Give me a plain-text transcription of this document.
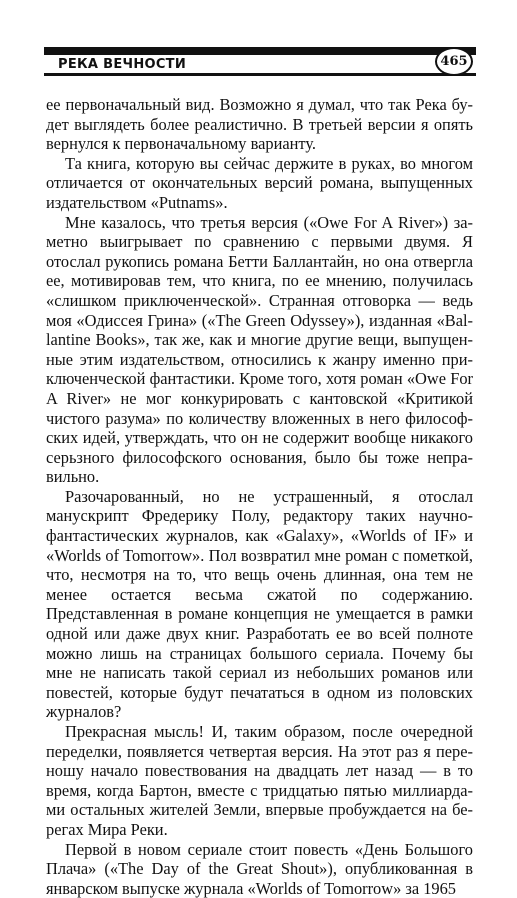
РЕКА ВЕЧНОСТИ	465

ее первоначальный вид. Возможно я думал, что так Река будет выглядеть более реалистично. В третьей версии я опять вернулся к первоначальному варианту.

Та книга, которую вы сейчас держите в руках, во многом отличается от окончательных версий романа, выпущенных издательством «Putnams».

Мне казалось, что третья версия («Owe For A River») заметно выигрывает по сравнению с первыми двумя. Я отослал рукопись романа Бетти Баллантайн, но она отвергла ее, мотивировав тем, что книга, по ее мнению, получилась «слишком приключенческой». Странная отговорка — ведь моя «Одиссея Грина» («The Green Odyssey»), изданная «Ballantine Books», так же, как и многие другие вещи, выпущенные этим издательством, относились к жанру именно приключенческой фантастики. Кроме того, хотя роман «Owe For A River» не мог конкурировать с кантовской «Критикой чистого разума» по количеству вложенных в него философских идей, утверждать, что он не содержит вообще никакого серьзного философского основания, было бы тоже неправильно.

Разочарованный, но не устрашенный, я отослал манускрипт Фредерику Полу, редактору таких научно-фантастических журналов, как «Galaxy», «Worlds of IF» и «Worlds of Tomorrow». Пол возвратил мне роман с пометкой, что, несмотря на то, что вещь очень длинная, она тем не менее остается весьма сжатой по содержанию. Представленная в романе концепция не умещается в рамки одной или даже двух книг. Разработать ее во всей полноте можно лишь на страницах большого сериала. Почему бы мне не написать такой сериал из небольших романов или повестей, которые будут печататься в одном из половских журналов?

Прекрасная мысль! И, таким образом, после очередной переделки, появляется четвертая версия. На этот раз я переношу начало повествования на двадцать лет назад — в то время, когда Бартон, вместе с тридцатью пятью миллиардами остальных жителей Земли, впервые пробуждается на берегах Мира Реки.

Первой в новом сериале стоит повесть «День Большого Плача» («The Day of the Great Shout»), опубликованная в январском выпуске журнала «Worlds of Tomorrow» за 1965
